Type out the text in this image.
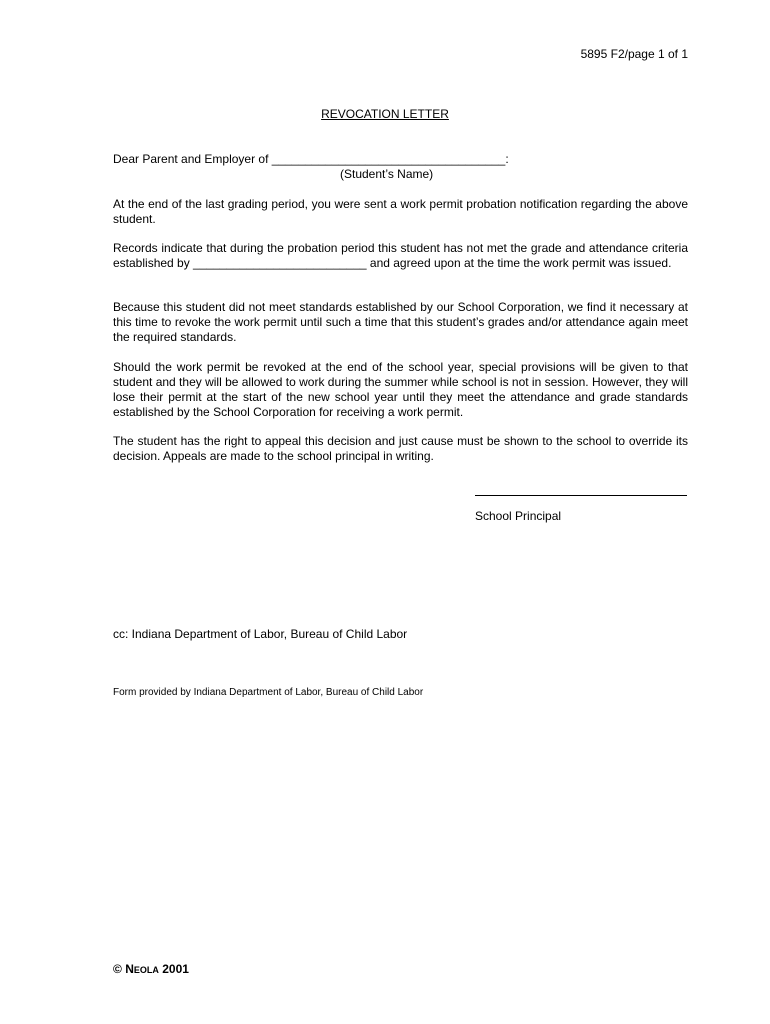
5895 F2/page 1 of 1
REVOCATION LETTER
Dear Parent and Employer of ___________________________________:
(Student’s Name)

At the end of the last grading period, you were sent a work permit probation notification regarding the above student.

Records indicate that during the probation period this student has not met the grade and attendance criteria established by __________________________ and agreed upon at the time the work permit was issued.

Because this student did not meet standards established by our School Corporation, we find it necessary at this time to revoke the work permit until such a time that this student’s grades and/or attendance again meet the required standards.

Should the work permit be revoked at the end of the school year, special provisions will be given to that student and they will be allowed to work during the summer while school is not in session. However, they will lose their permit at the start of the new school year until they meet the attendance and grade standards established by the School Corporation for receiving a work permit.

The student has the right to appeal this decision and just cause must be shown to the school to override its decision. Appeals are made to the school principal in writing.

School Principal
cc: Indiana Department of Labor, Bureau of Child Labor
Form provided by Indiana Department of Labor, Bureau of Child Labor
© NEOLA 2001
